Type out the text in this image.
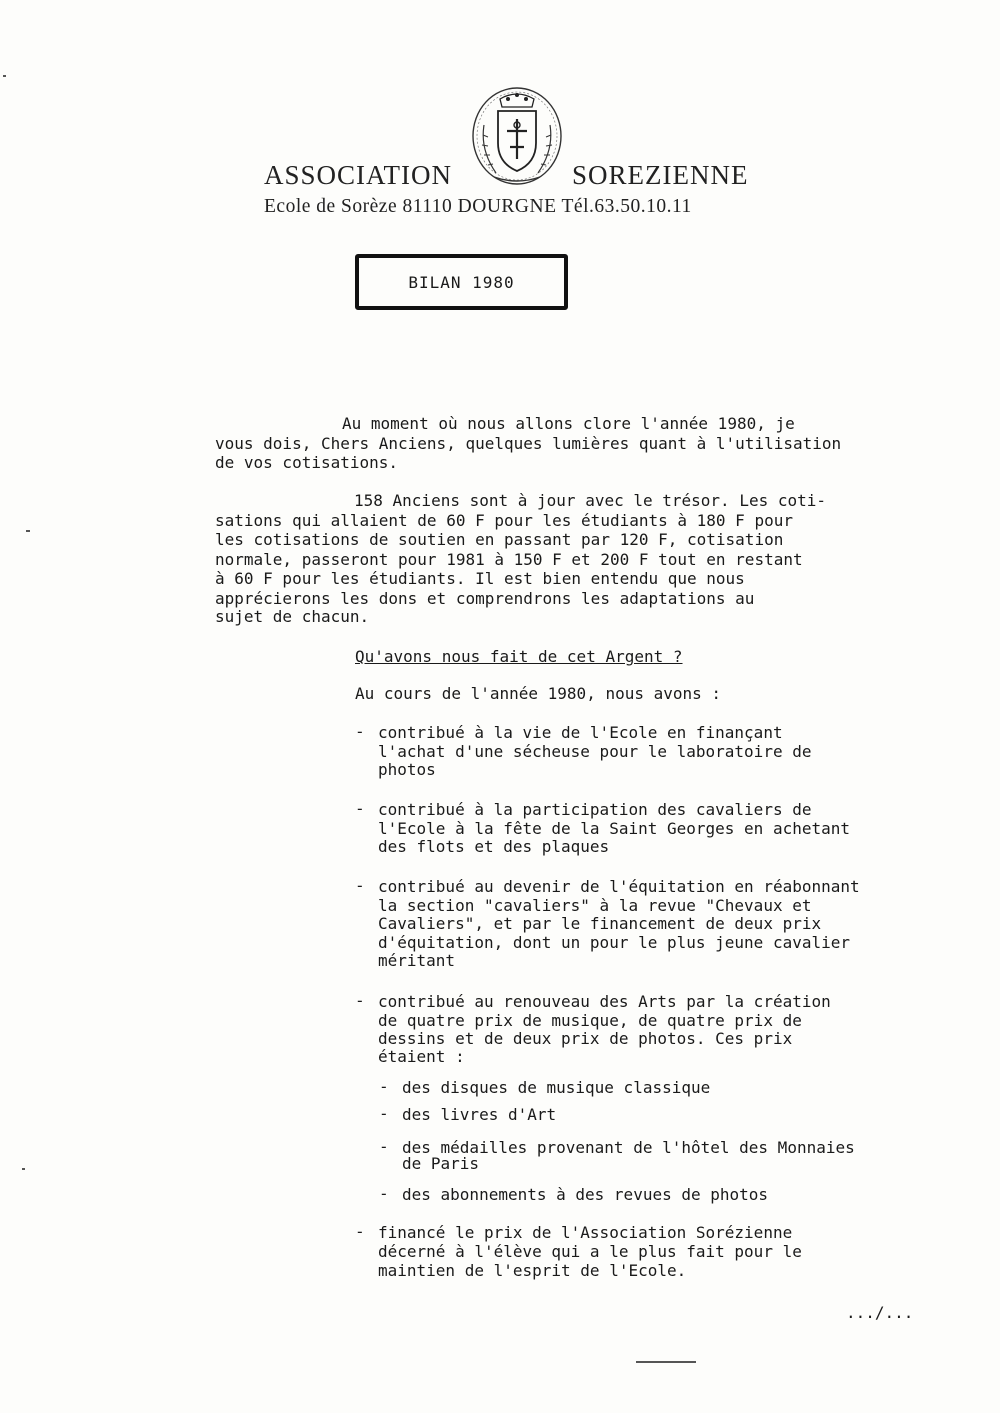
ASSOCIATION	SOREZIENNE
Ecole de Sorèze 81110 DOURGNE Tél.63.50.10.11
BILAN 1980
Au moment où nous allons clore l'année 1980, je
vous dois, Chers Anciens, quelques lumières quant à l'utilisation
de vos cotisations.
158 Anciens sont à jour avec le trésor. Les coti-
sations qui allaient de 60 F pour les étudiants à 180 F pour
les cotisations de soutien en passant par 120 F, cotisation
normale, passeront pour 1981 à 150 F et 200 F tout en restant
à 60 F pour les étudiants. Il est bien entendu que nous
apprécierons les dons et comprendrons les adaptations au
sujet de chacun.
Qu'avons nous fait de cet Argent ?
Au cours de l'année 1980, nous avons :
- contribué à la vie de l'Ecole en finançant
l'achat d'une sécheuse pour le laboratoire de
photos
- contribué à la participation des cavaliers de
l'Ecole à la fête de la Saint Georges en achetant
des flots et des plaques
- contribué au devenir de l'équitation en réabonnant
la section "cavaliers" à la revue "Chevaux et
Cavaliers", et par le financement de deux prix
d'équitation, dont un pour le plus jeune cavalier
méritant
- contribué au renouveau des Arts par la création
de quatre prix de musique, de quatre prix de
dessins et de deux prix de photos. Ces prix
étaient :
- des disques de musique classique
- des livres d'Art
- des médailles provenant de l'hôtel des Monnaies
de Paris
- des abonnements à des revues de photos
- financé le prix de l'Association Sorézienne
décerné à l'élève qui a le plus fait pour le
maintien de l'esprit de l'Ecole.
.../...
